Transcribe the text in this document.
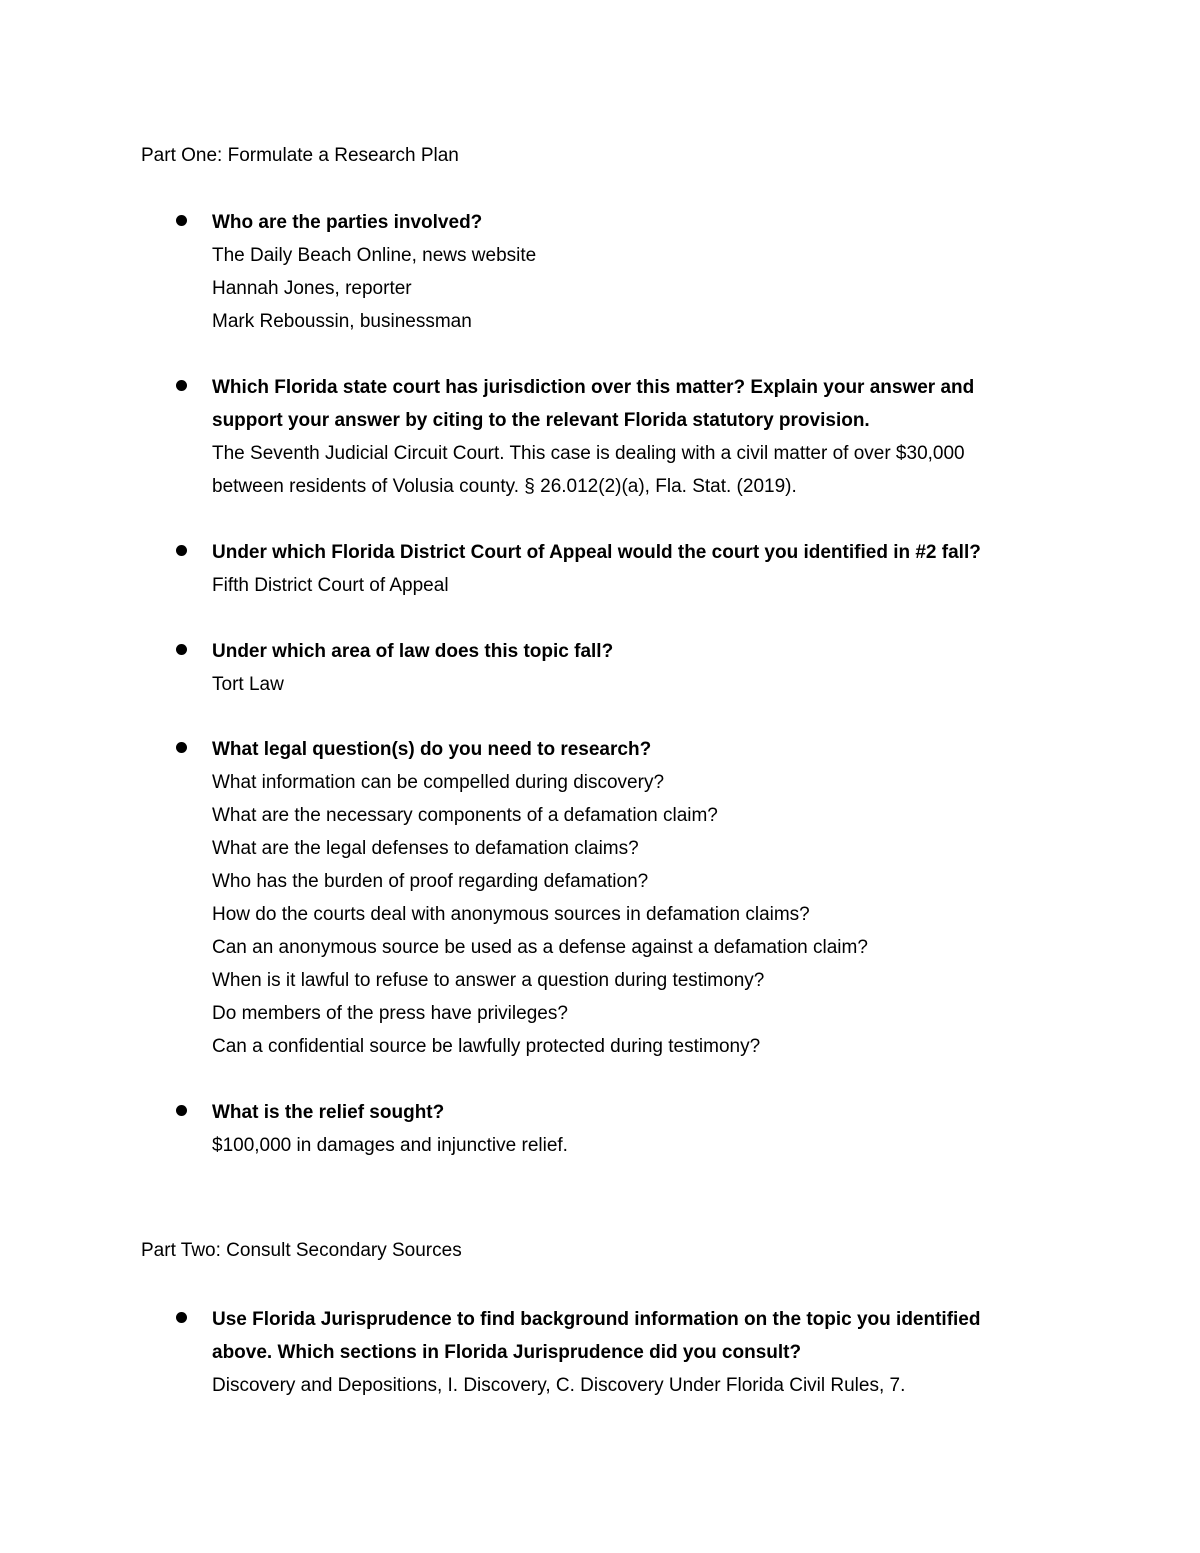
Part One: Formulate a Research Plan
Who are the parties involved?
The Daily Beach Online, news website
Hannah Jones, reporter
Mark Reboussin, businessman
Which Florida state court has jurisdiction over this matter? Explain your answer and
support your answer by citing to the relevant Florida statutory provision.
The Seventh Judicial Circuit Court. This case is dealing with a civil matter of over $30,000
between residents of Volusia county. § 26.012(2)(a), Fla. Stat. (2019).
Under which Florida District Court of Appeal would the court you identified in #2 fall?
Fifth District Court of Appeal
Under which area of law does this topic fall?
Tort Law
What legal question(s) do you need to research?
What information can be compelled during discovery?
What are the necessary components of a defamation claim?
What are the legal defenses to defamation claims?
Who has the burden of proof regarding defamation?
How do the courts deal with anonymous sources in defamation claims?
Can an anonymous source be used as a defense against a defamation claim?
When is it lawful to refuse to answer a question during testimony?
Do members of the press have privileges?
Can a confidential source be lawfully protected during testimony?
What is the relief sought?
$100,000 in damages and injunctive relief.
Part Two: Consult Secondary Sources
Use Florida Jurisprudence to find background information on the topic you identified
above. Which sections in Florida Jurisprudence did you consult?
Discovery and Depositions, I. Discovery, C. Discovery Under Florida Civil Rules, 7.
